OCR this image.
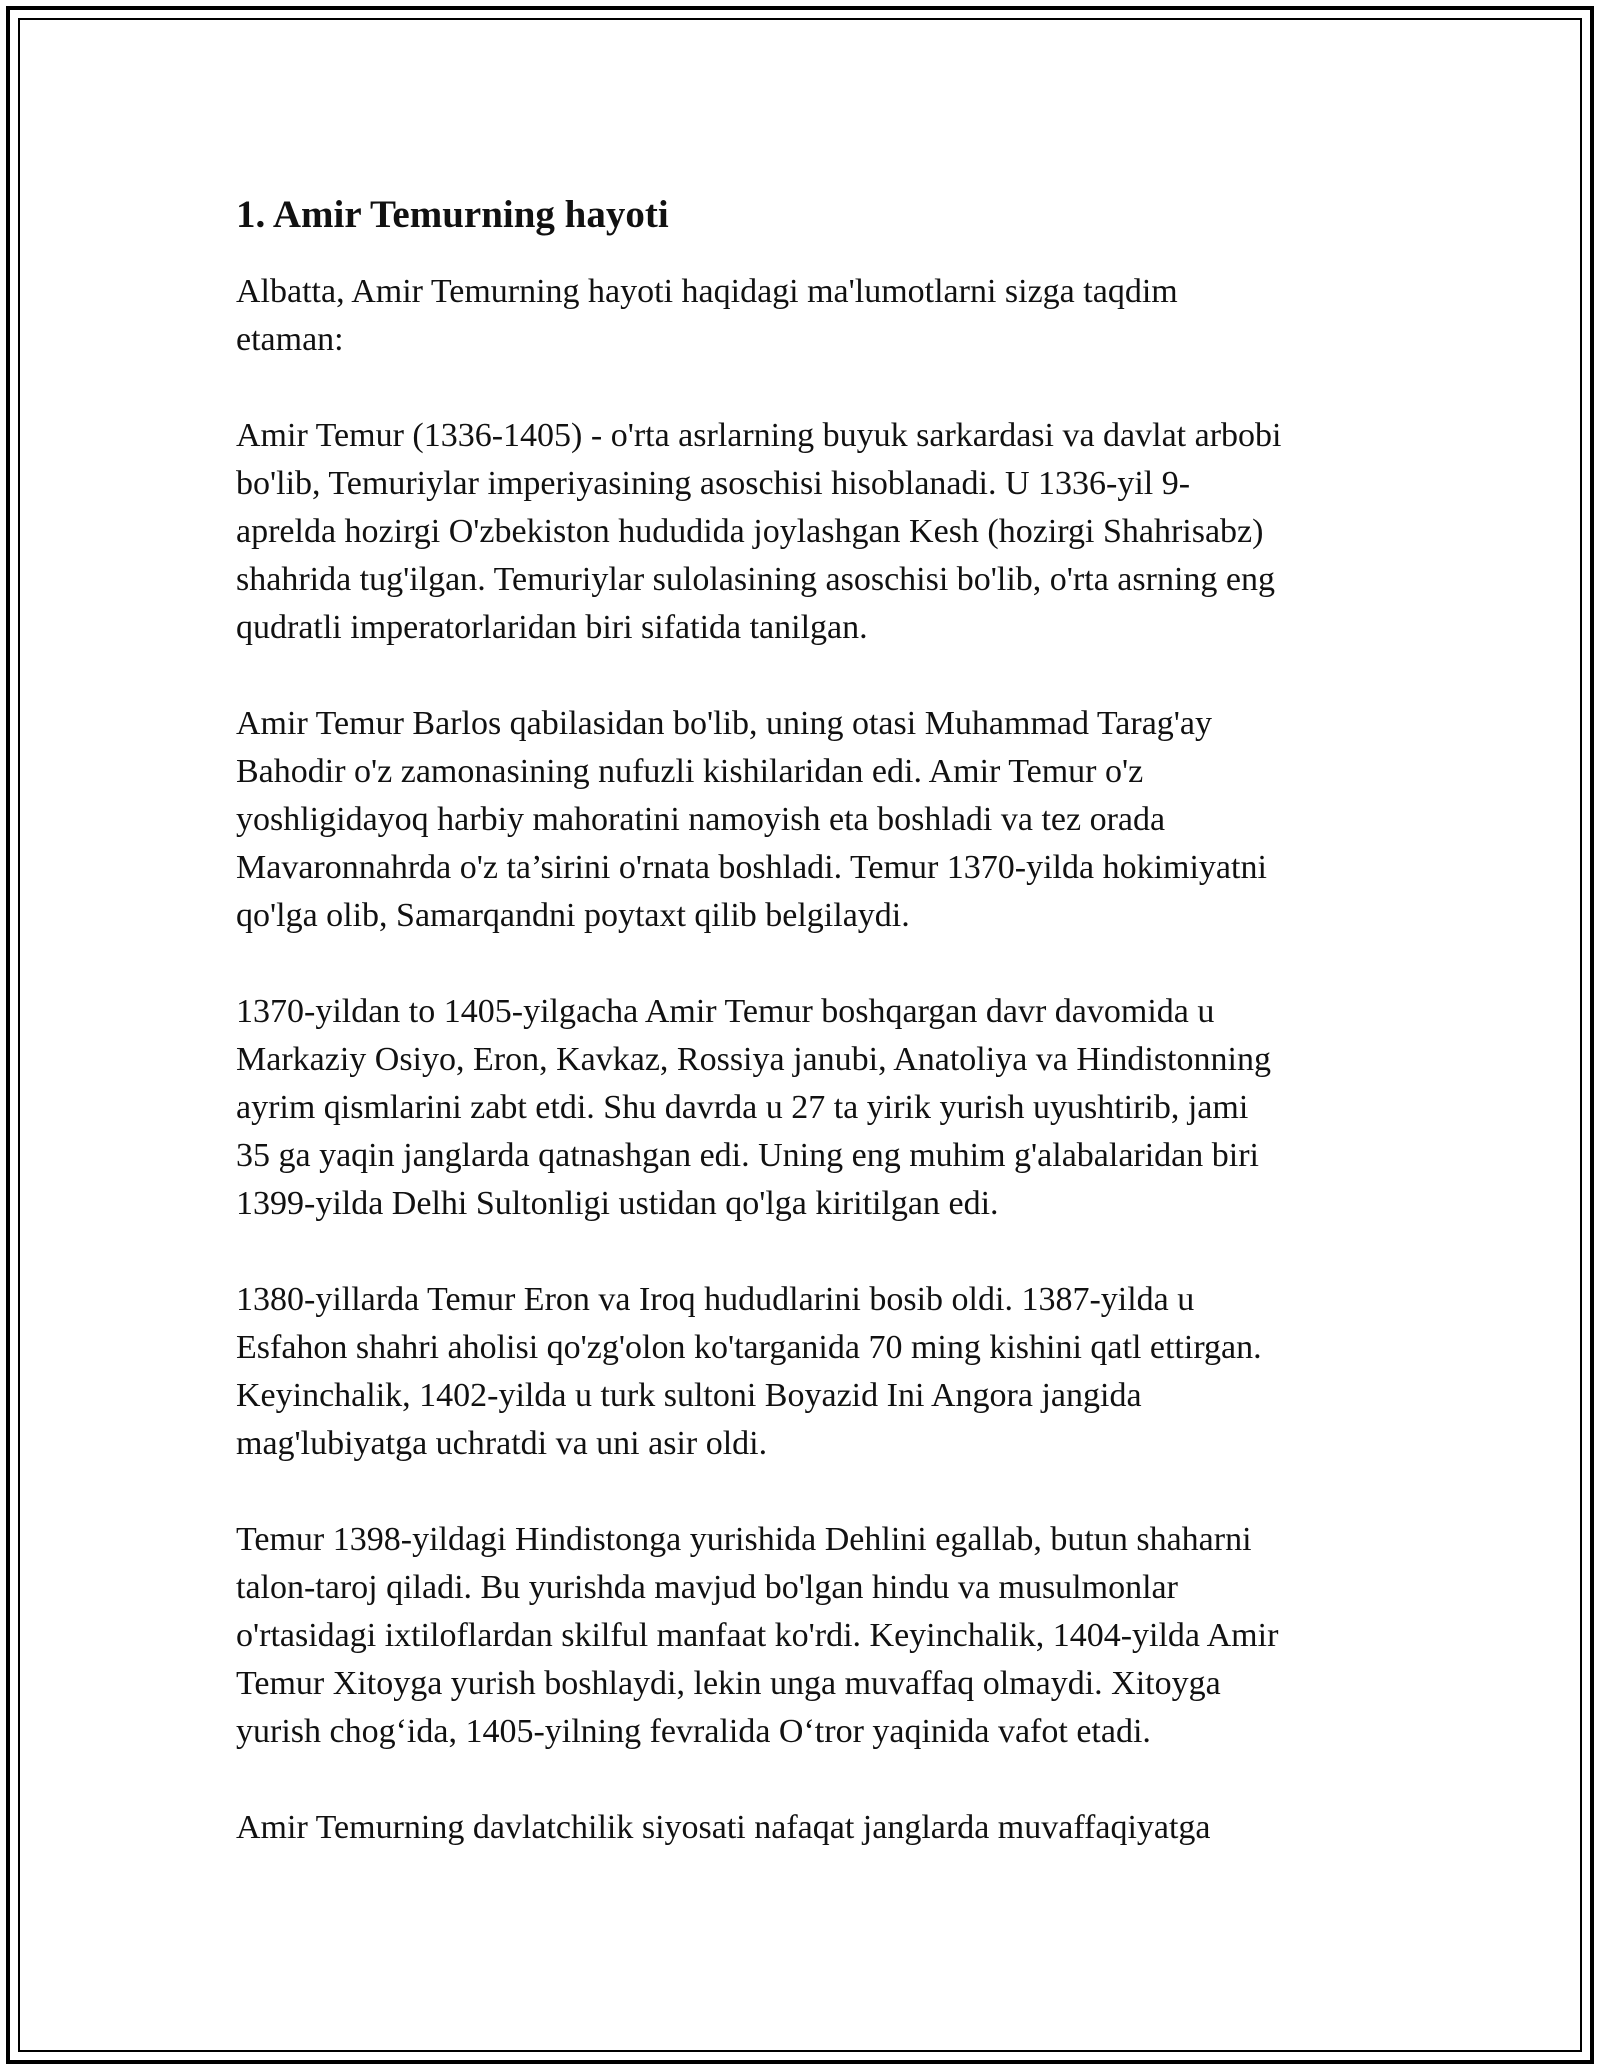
1. Amir Temurning hayoti

Albatta, Amir Temurning hayoti haqidagi ma'lumotlarni sizga taqdim
etaman:

Amir Temur (1336-1405) - o'rta asrlarning buyuk sarkardasi va davlat arbobi
bo'lib, Temuriylar imperiyasining asoschisi hisoblanadi. U 1336-yil 9-
aprelda hozirgi O'zbekiston hududida joylashgan Kesh (hozirgi Shahrisabz)
shahrida tug'ilgan. Temuriylar sulolasining asoschisi bo'lib, o'rta asrning eng
qudratli imperatorlaridan biri sifatida tanilgan.

Amir Temur Barlos qabilasidan bo'lib, uning otasi Muhammad Tarag'ay
Bahodir o'z zamonasining nufuzli kishilaridan edi. Amir Temur o'z
yoshligidayoq harbiy mahoratini namoyish eta boshladi va tez orada
Mavaronnahrda o'z ta’sirini o'rnata boshladi. Temur 1370-yilda hokimiyatni
qo'lga olib, Samarqandni poytaxt qilib belgilaydi.

1370-yildan to 1405-yilgacha Amir Temur boshqargan davr davomida u
Markaziy Osiyo, Eron, Kavkaz, Rossiya janubi, Anatoliya va Hindistonning
ayrim qismlarini zabt etdi. Shu davrda u 27 ta yirik yurish uyushtirib, jami
35 ga yaqin janglarda qatnashgan edi. Uning eng muhim g'alabalaridan biri
1399-yilda Delhi Sultonligi ustidan qo'lga kiritilgan edi.

1380-yillarda Temur Eron va Iroq hududlarini bosib oldi. 1387-yilda u
Esfahon shahri aholisi qo'zg'olon ko'targanida 70 ming kishini qatl ettirgan.
Keyinchalik, 1402-yilda u turk sultoni Boyazid Ini Angora jangida
mag'lubiyatga uchratdi va uni asir oldi.

Temur 1398-yildagi Hindistonga yurishida Dehlini egallab, butun shaharni
talon-taroj qiladi. Bu yurishda mavjud bo'lgan hindu va musulmonlar
o'rtasidagi ixtiloflardan skilful manfaat ko'rdi. Keyinchalik, 1404-yilda Amir
Temur Xitoyga yurish boshlaydi, lekin unga muvaffaq olmaydi. Xitoyga
yurish chog‘ida, 1405-yilning fevralida O‘tror yaqinida vafot etadi.

Amir Temurning davlatchilik siyosati nafaqat janglarda muvaffaqiyatga
